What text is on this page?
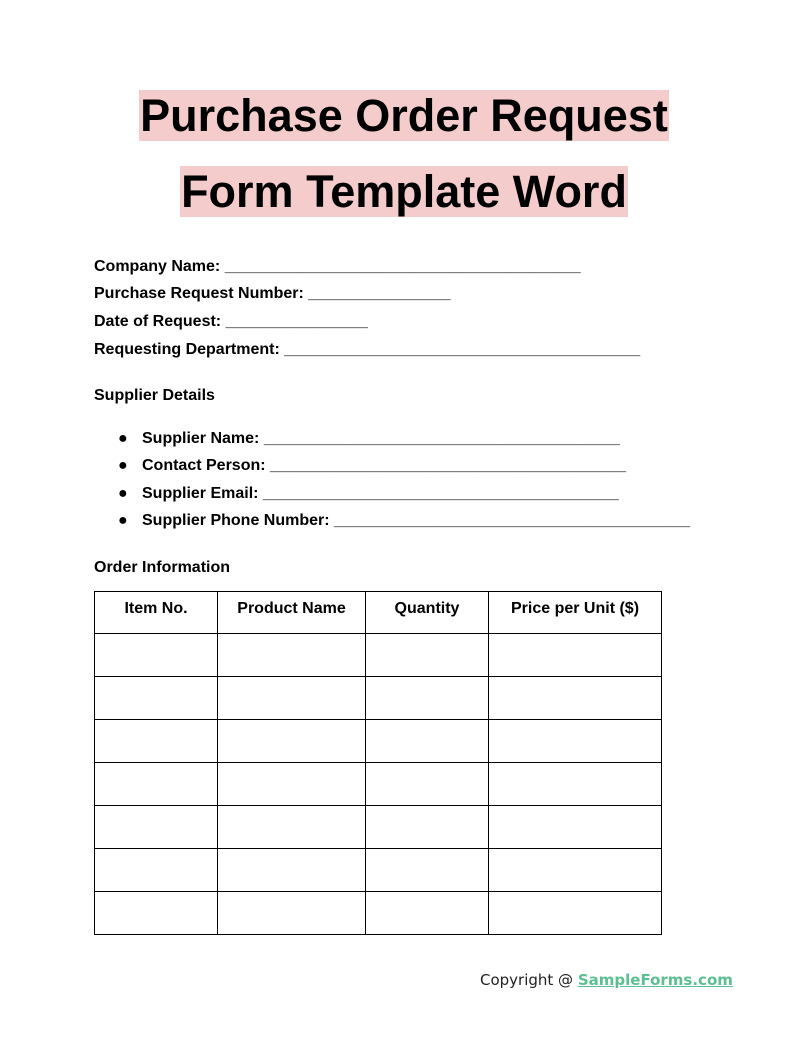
Purchase Order Request
Form Template Word
Company Name: ________________________________________
Purchase Request Number: ________________
Date of Request: ________________
Requesting Department: ________________________________________
Supplier Details
● Supplier Name: ________________________________________
● Contact Person: ________________________________________
● Supplier Email: ________________________________________
● Supplier Phone Number: ________________________________________
Order Information
Item No.	Product Name	Quantity	Price per Unit ($)

Copyright @ SampleForms.com
